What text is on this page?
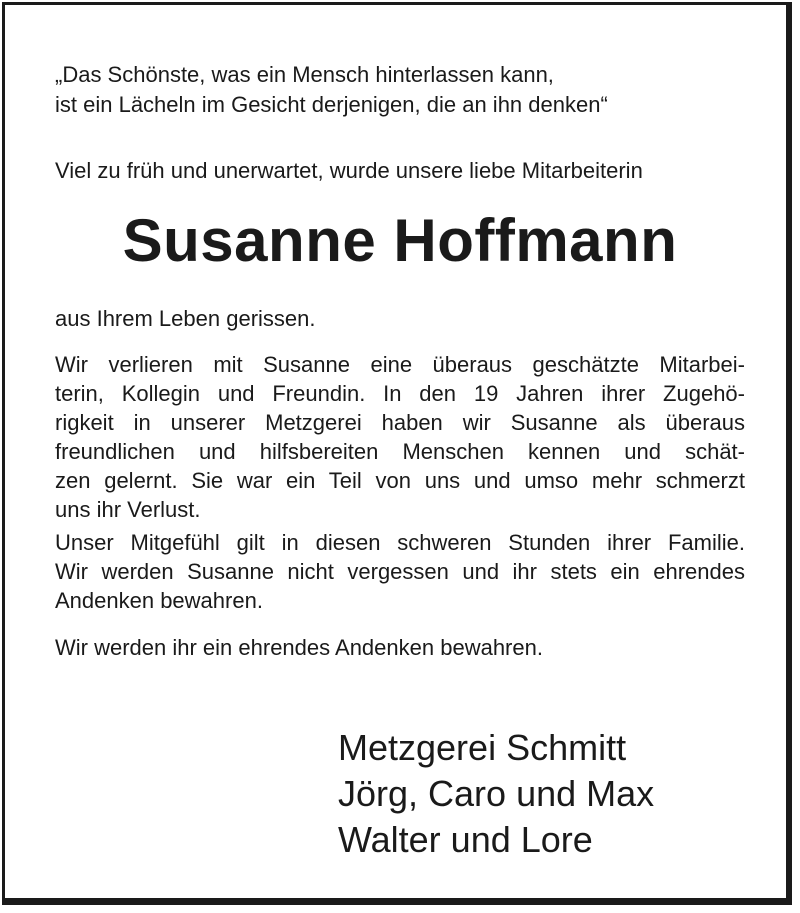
„Das Schönste, was ein Mensch hinterlassen kann,

ist ein Lächeln im Gesicht derjenigen, die an ihn denken“

Viel zu früh und unerwartet, wurde unsere liebe Mitarbeiterin

Susanne Hoffmann

aus Ihrem Leben gerissen.

Wir verlieren mit Susanne eine überaus geschätzte Mitarbei-
terin, Kollegin und Freundin. In den 19 Jahren ihrer Zugehö-
rigkeit in unserer Metzgerei haben wir Susanne als überaus
freundlichen und hilfsbereiten Menschen kennen und schät-
zen gelernt. Sie war ein Teil von uns und umso mehr schmerzt
uns ihr Verlust.
Unser Mitgefühl gilt in diesen schweren Stunden ihrer Familie.
Wir werden Susanne nicht vergessen und ihr stets ein ehrendes
Andenken bewahren.

Wir werden ihr ein ehrendes Andenken bewahren.

Metzgerei Schmitt

Jörg, Caro und Max

Walter und Lore
